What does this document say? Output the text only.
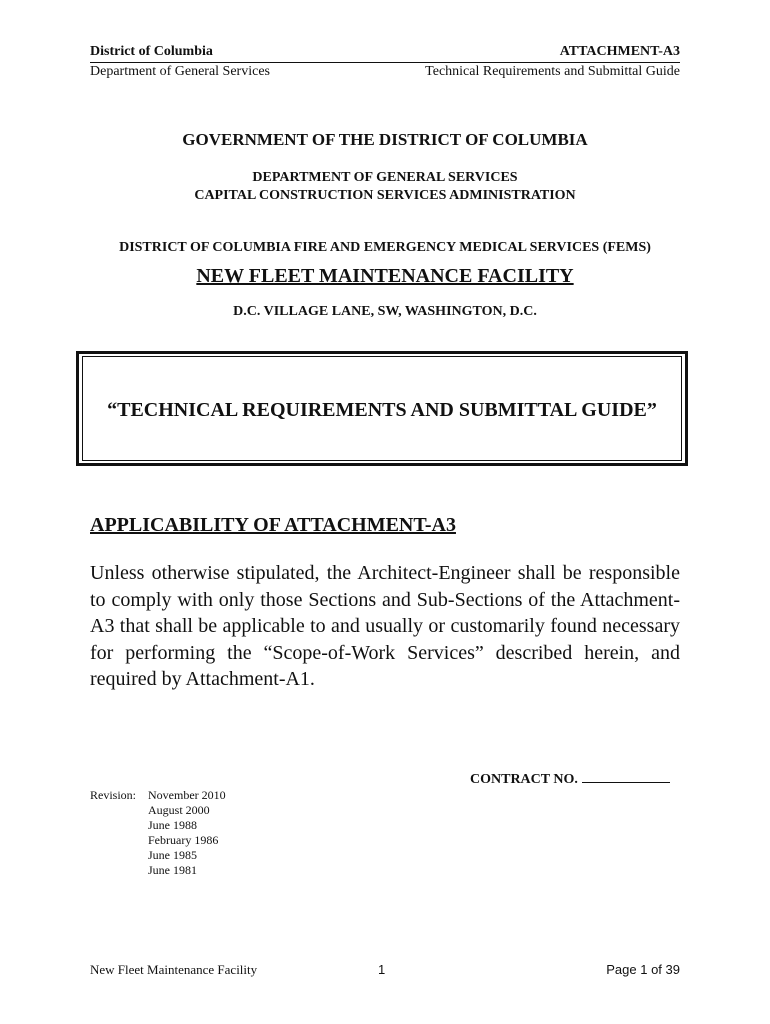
District of Columbia	ATTACHMENT-A3
Department of General Services	Technical Requirements and Submittal Guide
GOVERNMENT OF THE DISTRICT OF COLUMBIA
DEPARTMENT OF GENERAL SERVICES
CAPITAL CONSTRUCTION SERVICES ADMINISTRATION
DISTRICT OF COLUMBIA FIRE AND EMERGENCY MEDICAL SERVICES (FEMS)
NEW FLEET MAINTENANCE FACILITY
D.C. VILLAGE LANE, SW, WASHINGTON, D.C.
“TECHNICAL REQUIREMENTS AND SUBMITTAL GUIDE”
APPLICABILITY OF ATTACHMENT-A3
Unless otherwise stipulated, the Architect-Engineer shall be responsible to comply with only those Sections and Sub-Sections of the Attachment-A3 that shall be applicable to and usually or customarily found necessary for performing the “Scope-of-Work Services” described herein, and required by Attachment-A1.
CONTRACT NO.
Revision: November 2010
August 2000
June 1988
February 1986
June 1985
June 1981
New Fleet Maintenance Facility	1	Page 1 of 39
